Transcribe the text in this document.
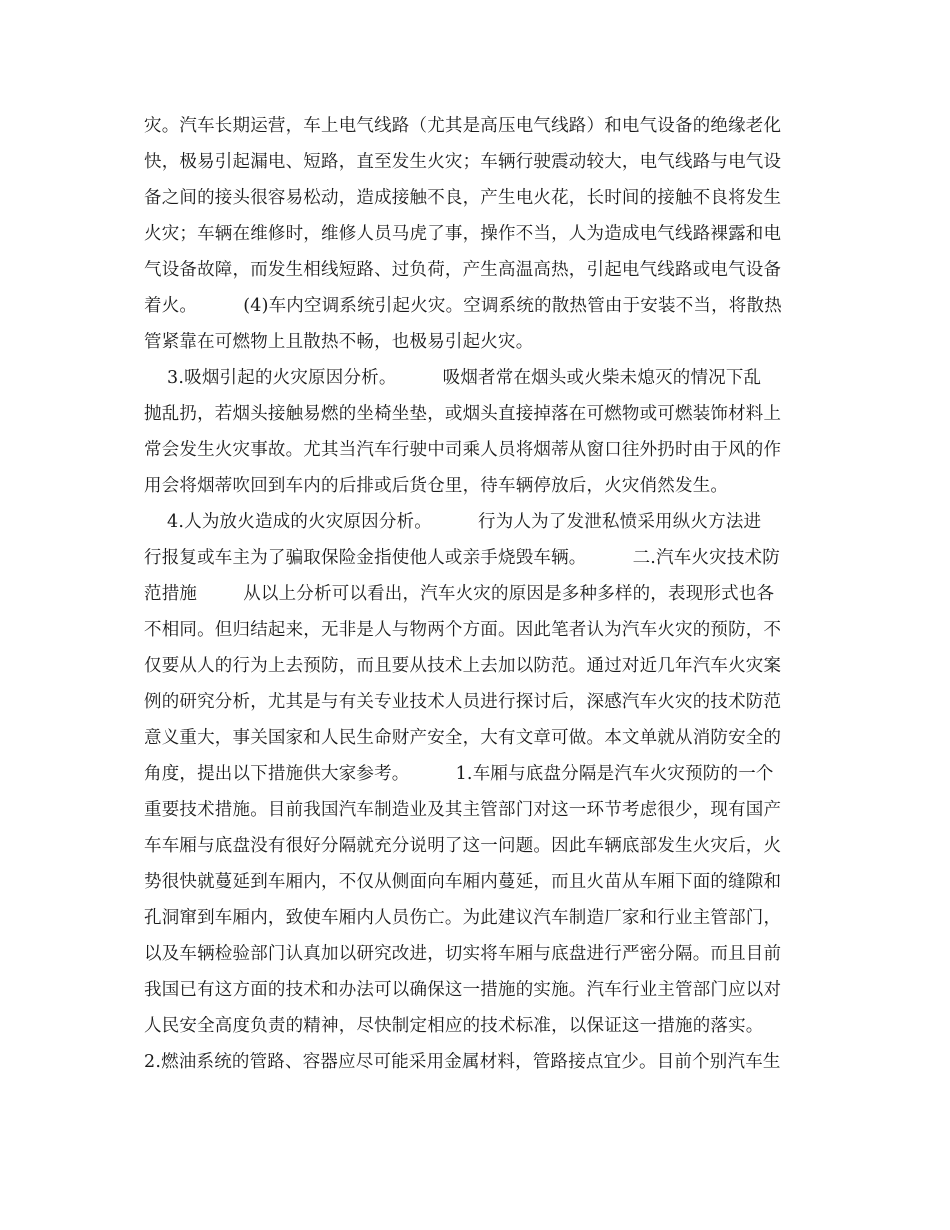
灾。汽车长期运营，车上电气线路（尤其是高压电气线路）和电气设备的绝缘老化
快，极易引起漏电、短路，直至发生火灾；车辆行驶震动较大，电气线路与电气设
备之间的接头很容易松动，造成接触不良，产生电火花，长时间的接触不良将发生
火灾；车辆在维修时，维修人员马虎了事，操作不当，人为造成电气线路裸露和电
气设备故障，而发生相线短路、过负荷，产生高温高热，引起电气线路或电气设备
着火。        (4)车内空调系统引起火灾。空调系统的散热管由于安装不当，将散热
管紧靠在可燃物上且散热不畅，也极易引起火灾。
3.吸烟引起的火灾原因分析。        吸烟者常在烟头或火柴未熄灭的情况下乱
抛乱扔，若烟头接触易燃的坐椅坐垫，或烟头直接掉落在可燃物或可燃装饰材料上
常会发生火灾事故。尤其当汽车行驶中司乘人员将烟蒂从窗口往外扔时由于风的作
用会将烟蒂吹回到车内的后排或后货仓里，待车辆停放后，火灾俏然发生。
4.人为放火造成的火灾原因分析。        行为人为了发泄私愤采用纵火方法进
行报复或车主为了骗取保险金指使他人或亲手烧毁车辆。        二.汽车火灾技术防
范措施        从以上分析可以看出，汽车火灾的原因是多种多样的，表现形式也各
不相同。但归结起来，无非是人与物两个方面。因此笔者认为汽车火灾的预防，不
仅要从人的行为上去预防，而且要从技术上去加以防范。通过对近几年汽车火灾案
例的研究分析，尤其是与有关专业技术人员进行探讨后，深感汽车火灾的技术防范
意义重大，事关国家和人民生命财产安全，大有文章可做。本文单就从消防安全的
角度，提出以下措施供大家参考。        1.车厢与底盘分隔是汽车火灾预防的一个
重要技术措施。目前我国汽车制造业及其主管部门对这一环节考虑很少，现有国产
车车厢与底盘没有很好分隔就充分说明了这一问题。因此车辆底部发生火灾后，火
势很快就蔓延到车厢内，不仅从侧面向车厢内蔓延，而且火苗从车厢下面的缝隙和
孔洞窜到车厢内，致使车厢内人员伤亡。为此建议汽车制造厂家和行业主管部门，
以及车辆检验部门认真加以研究改进，切实将车厢与底盘进行严密分隔。而且目前
我国已有这方面的技术和办法可以确保这一措施的实施。汽车行业主管部门应以对
人民安全高度负责的精神，尽快制定相应的技术标准，以保证这一措施的落实。
2.燃油系统的管路、容器应尽可能采用金属材料，管路接点宜少。目前个别汽车生
